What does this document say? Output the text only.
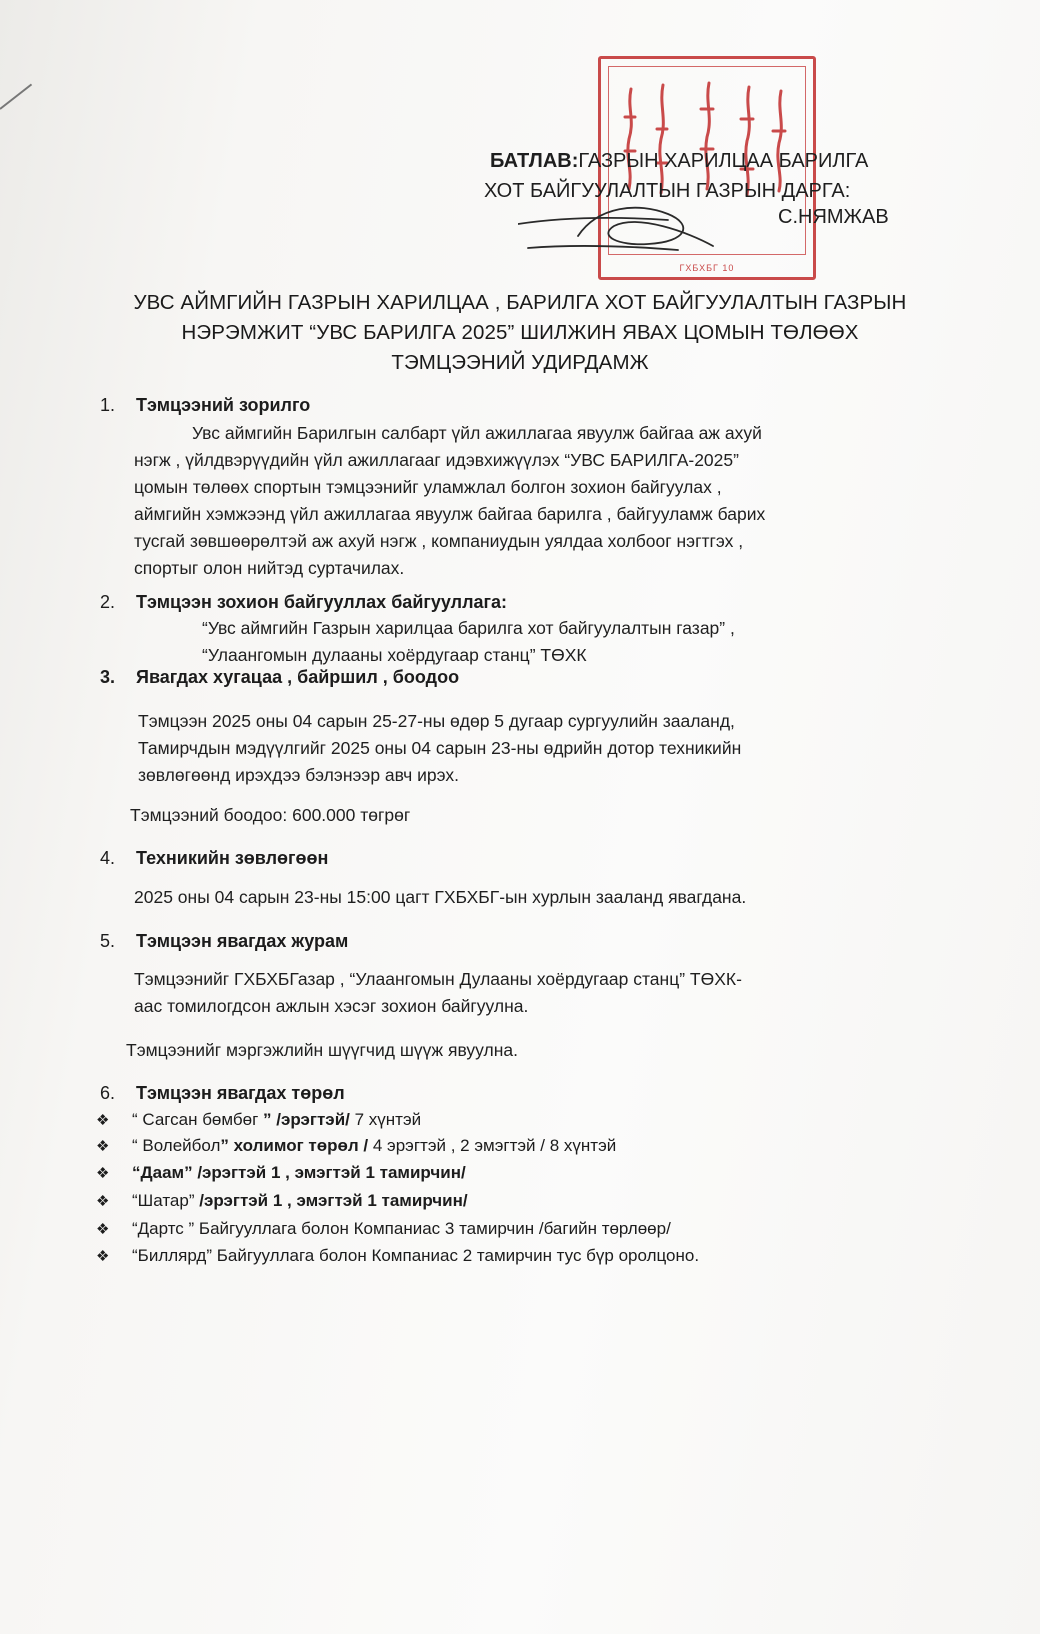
ГХБХБГ 10
БАТЛАВ:ГАЗРЫН ХАРИЛЦАА БАРИЛГА
ХОТ БАЙГУУЛАЛТЫН ГАЗРЫН ДАРГА:
С.НЯМЖАВ
УВС АЙМГИЙН ГАЗРЫН ХАРИЛЦАА , БАРИЛГА ХОТ БАЙГУУЛАЛТЫН ГАЗРЫН
НЭРЭМЖИТ “УВС БАРИЛГА 2025” ШИЛЖИН ЯВАХ ЦОМЫН ТӨЛӨӨХ
ТЭМЦЭЭНИЙ УДИРДАМЖ
1. Тэмцээний зорилго
Увс аймгийн Барилгын салбарт үйл ажиллагаа явуулж байгаа аж ахуй
нэгж , үйлдвэрүүдийн үйл ажиллагааг идэвхижүүлэх “УВС БАРИЛГА-2025”
цомын төлөөх спортын тэмцээнийг уламжлал болгон зохион байгуулах ,
аймгийн хэмжээнд үйл ажиллагаа явуулж байгаа барилга , байгууламж барих
тусгай зөвшөөрөлтэй аж ахуй нэгж , компаниудын уялдаа холбоог нэгтгэх ,
спортыг олон нийтэд суртачилах.
2. Тэмцээн зохион байгууллах байгууллага:
“Увс аймгийн Газрын харилцаа барилга хот байгуулалтын газар” ,
“Улаангомын дулааны хоёрдугаар станц” ТӨХК
3. Явагдах хугацаа , байршил , боодоо
Тэмцээн 2025 оны 04 сарын 25-27-ны өдөр 5 дугаар сургуулийн зааланд,
Тамирчдын мэдүүлгийг 2025 оны 04 сарын 23-ны өдрийн дотор техникийн
зөвлөгөөнд ирэхдээ бэлэнээр авч ирэх.
Тэмцээний боодоо: 600.000 төгрөг
4. Техникийн зөвлөгөөн
2025 оны 04 сарын 23-ны 15:00 цагт ГХБХБГ-ын хурлын зааланд явагдана.
5. Тэмцээн явагдах журам
Тэмцээнийг ГХБХБГазар , “Улаангомын Дулааны хоёрдугаар станц” ТӨХК-
аас томилогдсон ажлын хэсэг зохион байгуулна.
Тэмцээнийг мэргэжлийн шүүгчид шүүж явуулна.
6. Тэмцээн явагдах төрөл
❖ “ Сагсан бөмбөг ” /эрэгтэй/ 7 хүнтэй
❖ “ Волейбол” холимог төрөл / 4 эрэгтэй , 2 эмэгтэй / 8 хүнтэй
❖ “Даам” /эрэгтэй 1 , эмэгтэй 1 тамирчин/
❖ “Шатар” /эрэгтэй 1 , эмэгтэй 1 тамирчин/
❖ “Дартс ” Байгууллага болон Компаниас 3 тамирчин /багийн төрлөөр/
❖ “Биллярд” Байгууллага болон Компаниас 2 тамирчин тус бүр оролцоно.
